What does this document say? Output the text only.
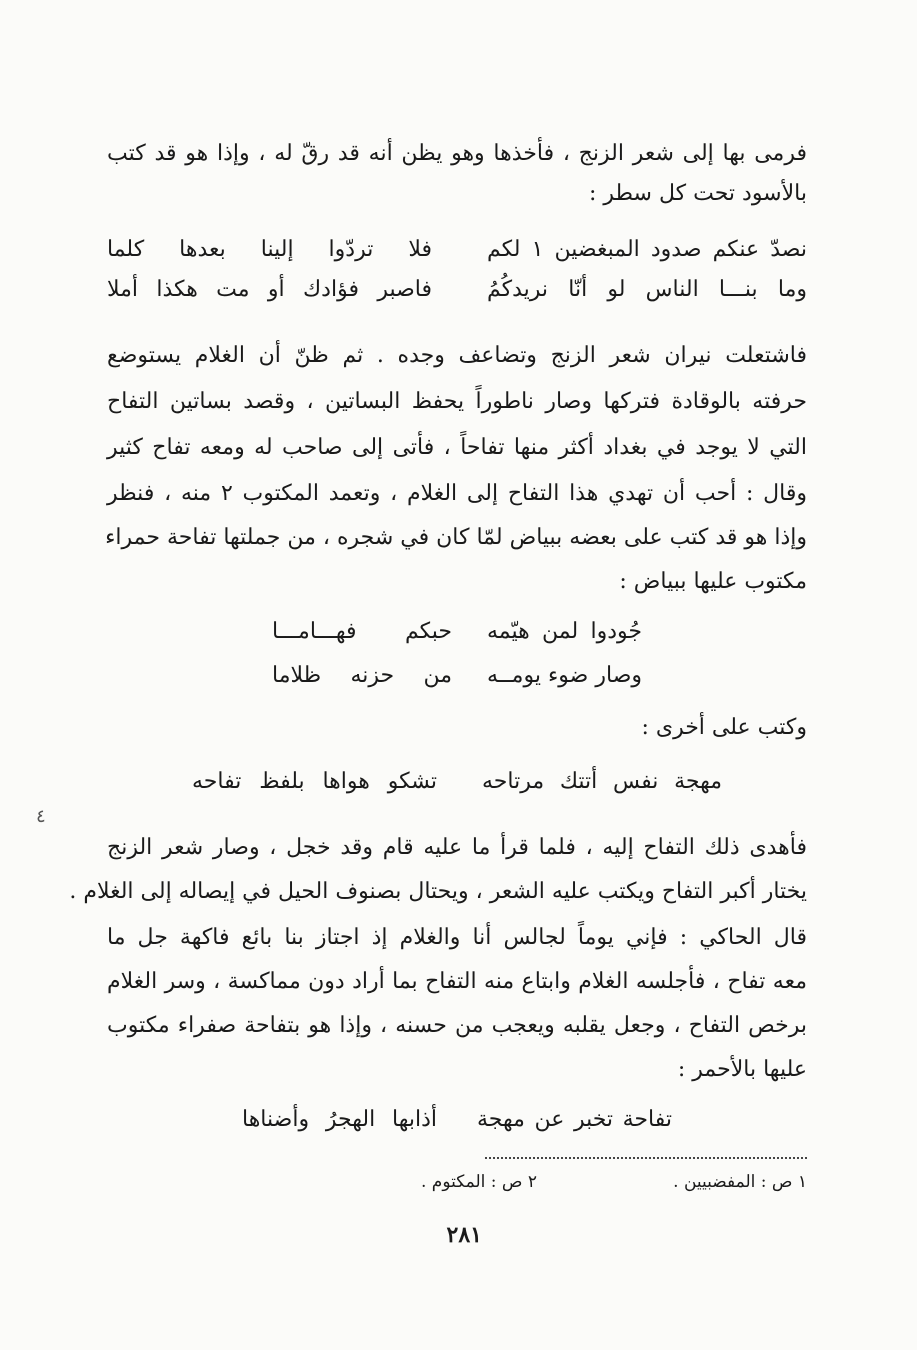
فرمى بها إلى شعر الزنج ، فأخذها وهو يظن أنه قد رقّ له ، وإذا هو قد كتب
بالأسود تحت كل سطر :
نصدّ عنكم صدود المبغضين ١ لكم
فلا تردّوا إلينا بعدها كلما
وما بنـــا الناس لو أنّا نريدكُمُ
فاصبر فؤادك أو مت هكذا أملا
فاشتعلت نيران شعر الزنج وتضاعف وجده . ثم ظنّ أن الغلام يستوضع
حرفته بالوقادة فتركها وصار ناطوراً يحفظ البساتين ، وقصد بساتين التفاح
التي لا يوجد في بغداد أكثر منها تفاحاً ، فأتى إلى صاحب له ومعه تفاح كثير
وقال : أحب أن تهدي هذا التفاح إلى الغلام ، وتعمد المكتوب ٢ منه ، فنظر
وإذا هو قد كتب على بعضه ببياض لمّا كان في شجره ، من جملتها تفاحة حمراء
مكتوب عليها ببياض :
جُودوا لمن هيّمه
حبكم فهـــامـــا
وصار ضوء يومــه
من حزنه ظلاما
وكتب على أخرى :
مهجة نفس أتتك مرتاحه
تشكو هواها بلفظ تفاحه
٤
فأهدى ذلك التفاح إليه ، فلما قرأ ما عليه قام وقد خجل ، وصار شعر الزنج
يختار أكبر التفاح ويكتب عليه الشعر ، ويحتال بصنوف الحيل في إيصاله إلى الغلام .
قال الحاكي : فإني يوماً لجالس أنا والغلام إذ اجتاز بنا بائع فاكهة جل ما
معه تفاح ، فأجلسه الغلام وابتاع منه التفاح بما أراد دون مماكسة ، وسر الغلام
برخص التفاح ، وجعل يقلبه ويعجب من حسنه ، وإذا هو بتفاحة صفراء مكتوب
عليها بالأحمر :
تفاحة تخبر عن مهجة
أذابها الهجرُ وأضناها
١ ص : المفضبيين .
٢ ص : المكتوم .
٢٨١
